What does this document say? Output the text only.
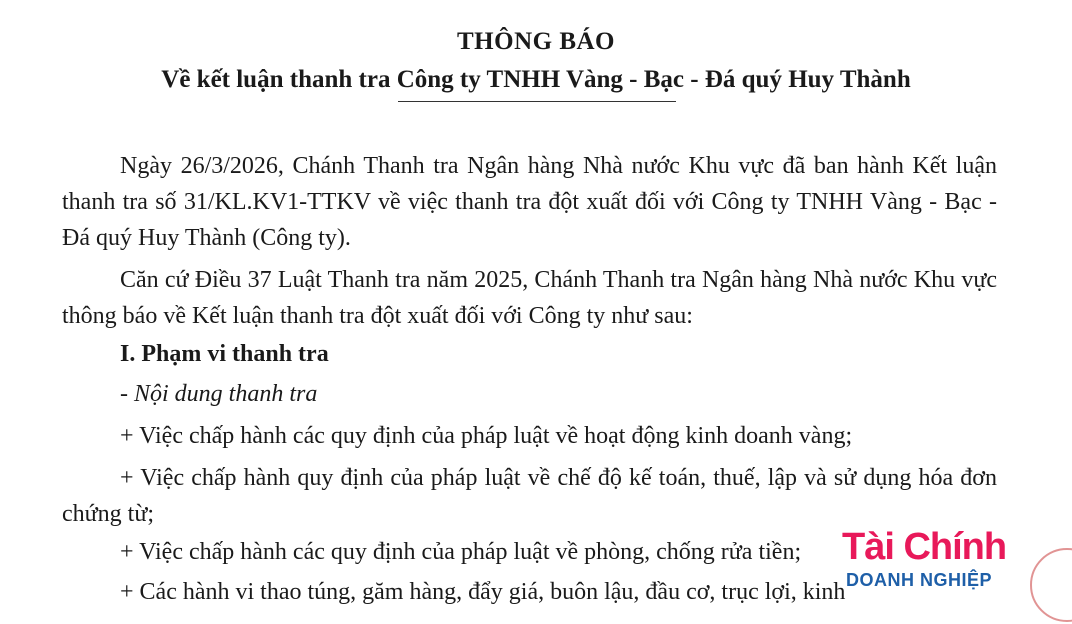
THÔNG BÁO
Về kết luận thanh tra Công ty TNHH Vàng - Bạc - Đá quý Huy Thành

Ngày 26/3/2026, Chánh Thanh tra Ngân hàng Nhà nước Khu vực đã ban hành Kết luận thanh tra số 31/KL.KV1-TTKV về việc thanh tra đột xuất đối với Công ty TNHH Vàng - Bạc - Đá quý Huy Thành (Công ty).

Căn cứ Điều 37 Luật Thanh tra năm 2025, Chánh Thanh tra Ngân hàng Nhà nước Khu vực thông báo về Kết luận thanh tra đột xuất đối với Công ty như sau:

I. Phạm vi thanh tra

- Nội dung thanh tra

+ Việc chấp hành các quy định của pháp luật về hoạt động kinh doanh vàng;

+ Việc chấp hành quy định của pháp luật về chế độ kế toán, thuế, lập và sử dụng hóa đơn chứng từ;

+ Việc chấp hành các quy định của pháp luật về phòng, chống rửa tiền;

+ Các hành vi thao túng, găm hàng, đẩy giá, buôn lậu, đầu cơ, trục lợi, kinh

Tài Chính
DOANH NGHIỆP
